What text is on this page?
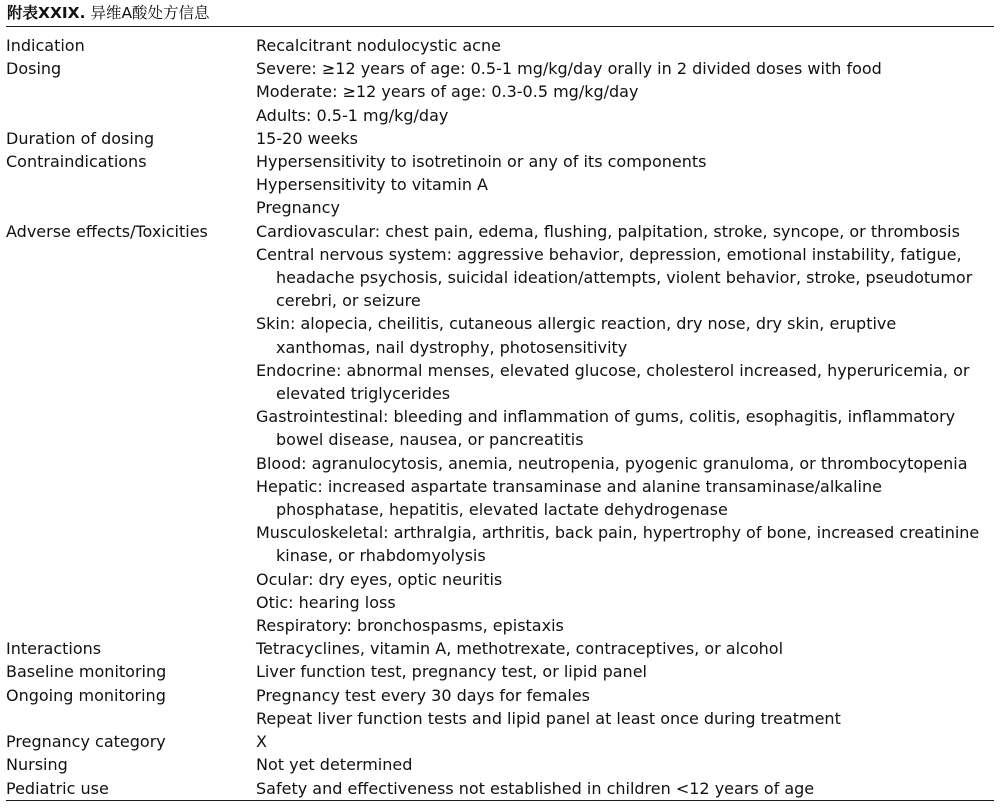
附表XXIX. 异维A酸处方信息
Indication	Recalcitrant nodulocystic acne
Dosing	Severe: ≥12 years of age: 0.5-1 mg/kg/day orally in 2 divided doses with food
Moderate: ≥12 years of age: 0.3-0.5 mg/kg/day
Adults: 0.5-1 mg/kg/day
Duration of dosing	15-20 weeks
Contraindications	Hypersensitivity to isotretinoin or any of its components
Hypersensitivity to vitamin A
Pregnancy
Adverse effects/Toxicities	Cardiovascular: chest pain, edema, flushing, palpitation, stroke, syncope, or thrombosis
Central nervous system: aggressive behavior, depression, emotional instability, fatigue, headache psychosis, suicidal ideation/attempts, violent behavior, stroke, pseudotumor cerebri, or seizure
Skin: alopecia, cheilitis, cutaneous allergic reaction, dry nose, dry skin, eruptive xanthomas, nail dystrophy, photosensitivity
Endocrine: abnormal menses, elevated glucose, cholesterol increased, hyperuricemia, or elevated triglycerides
Gastrointestinal: bleeding and inflammation of gums, colitis, esophagitis, inflammatory bowel disease, nausea, or pancreatitis
Blood: agranulocytosis, anemia, neutropenia, pyogenic granuloma, or thrombocytopenia
Hepatic: increased aspartate transaminase and alanine transaminase/alkaline phosphatase, hepatitis, elevated lactate dehydrogenase
Musculoskeletal: arthralgia, arthritis, back pain, hypertrophy of bone, increased creatinine kinase, or rhabdomyolysis
Ocular: dry eyes, optic neuritis
Otic: hearing loss
Respiratory: bronchospasms, epistaxis
Interactions	Tetracyclines, vitamin A, methotrexate, contraceptives, or alcohol
Baseline monitoring	Liver function test, pregnancy test, or lipid panel
Ongoing monitoring	Pregnancy test every 30 days for females
Repeat liver function tests and lipid panel at least once during treatment
Pregnancy category	X
Nursing	Not yet determined
Pediatric use	Safety and effectiveness not established in children <12 years of age
